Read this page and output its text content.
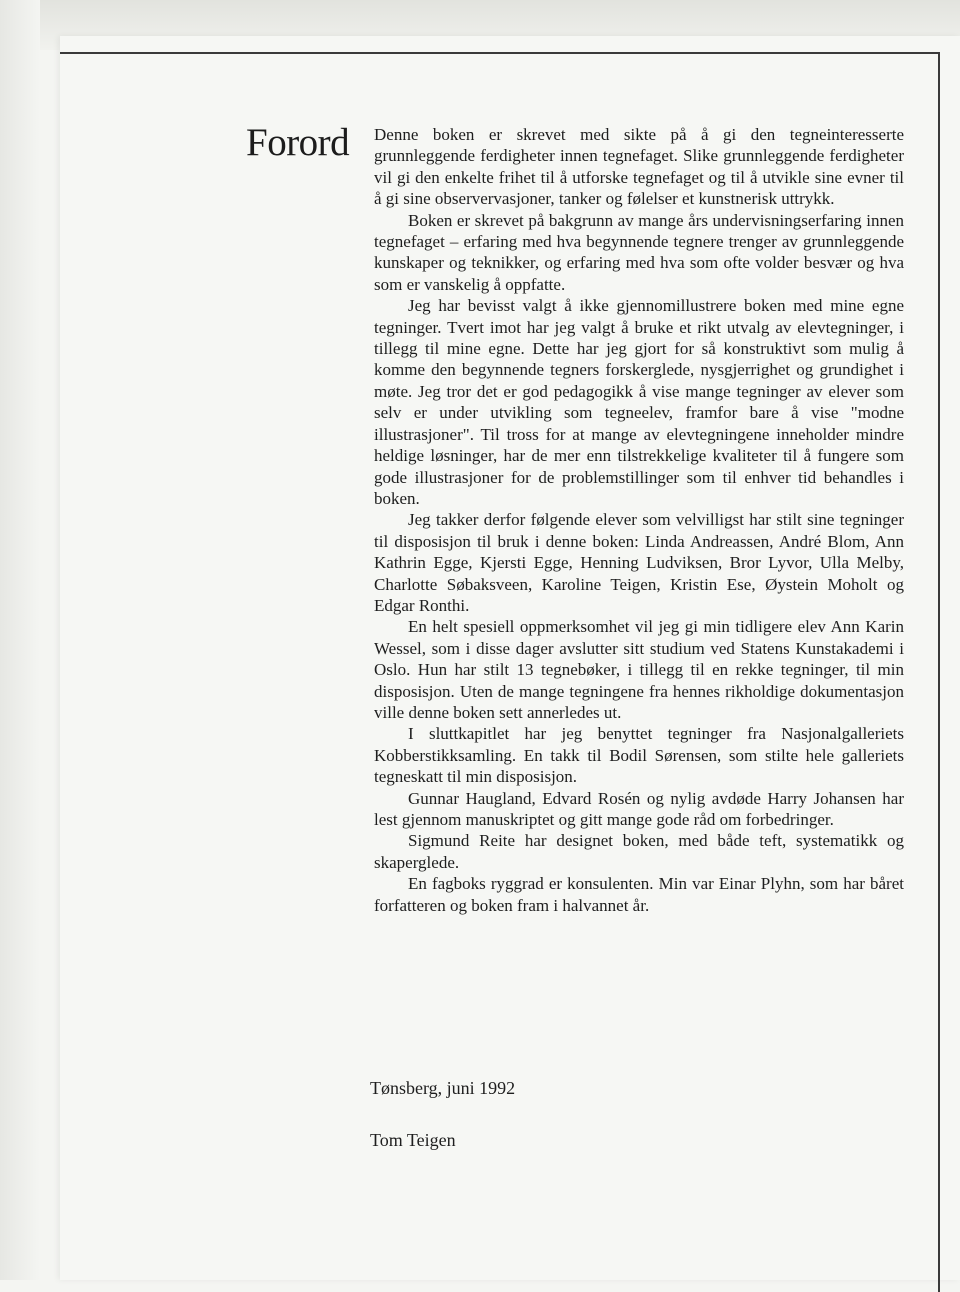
Forord Denne boken er skrevet med sikte på å gi den tegneinteresserte grunnleggende ferdigheter innen tegnefaget. Slike grunnleggende ferdigheter vil gi den enkelte frihet til å utforske tegnefaget og til å utvikle sine evner til å gi sine observervasjoner, tanker og følelser et kunstnerisk uttrykk.

Boken er skrevet på bakgrunn av mange års undervisningserfaring innen tegnefaget – erfaring med hva begynnende tegnere trenger av grunnleggende kunskaper og teknikker, og erfaring med hva som ofte volder besvær og hva som er vanskelig å oppfatte.

Jeg har bevisst valgt å ikke gjennomillustrere boken med mine egne tegninger. Tvert imot har jeg valgt å bruke et rikt utvalg av elevtegninger, i tillegg til mine egne. Dette har jeg gjort for så konstruktivt som mulig å komme den begynnende tegners forskerglede, nysgjerrighet og grundighet i møte. Jeg tror det er god pedagogikk å vise mange tegninger av elever som selv er under utvikling som tegneelev, framfor bare å vise "modne illustrasjoner". Til tross for at mange av elevtegningene inneholder mindre heldige løsninger, har de mer enn tilstrekkelige kvaliteter til å fungere som gode illustrasjoner for de problemstillinger som til enhver tid behandles i boken.

Jeg takker derfor følgende elever som velvilligst har stilt sine tegninger til disposisjon til bruk i denne boken: Linda Andreassen, André Blom, Ann Kathrin Egge, Kjersti Egge, Henning Ludviksen, Bror Lyvor, Ulla Melby, Charlotte Søbaksveen, Karoline Teigen, Kristin Ese, Øystein Moholt og Edgar Ronthi.

En helt spesiell oppmerksomhet vil jeg gi min tidligere elev Ann Karin Wessel, som i disse dager avslutter sitt studium ved Statens Kunstakademi i Oslo. Hun har stilt 13 tegnebøker, i tillegg til en rekke tegninger, til min disposisjon. Uten de mange tegningene fra hennes rikholdige dokumentasjon ville denne boken sett annerledes ut.

I sluttkapitlet har jeg benyttet tegninger fra Nasjonalgalleriets Kobberstikksamling. En takk til Bodil Sørensen, som stilte hele galleriets tegneskatt til min disposisjon.

Gunnar Haugland, Edvard Rosén og nylig avdøde Harry Johansen har lest gjennom manuskriptet og gitt mange gode råd om forbedringer.

Sigmund Reite har designet boken, med både teft, systematikk og skaperglede.

En fagboks ryggrad er konsulenten. Min var Einar Plyhn, som har båret forfatteren og boken fram i halvannet år.

Tønsberg, juni 1992
Tom Teigen
